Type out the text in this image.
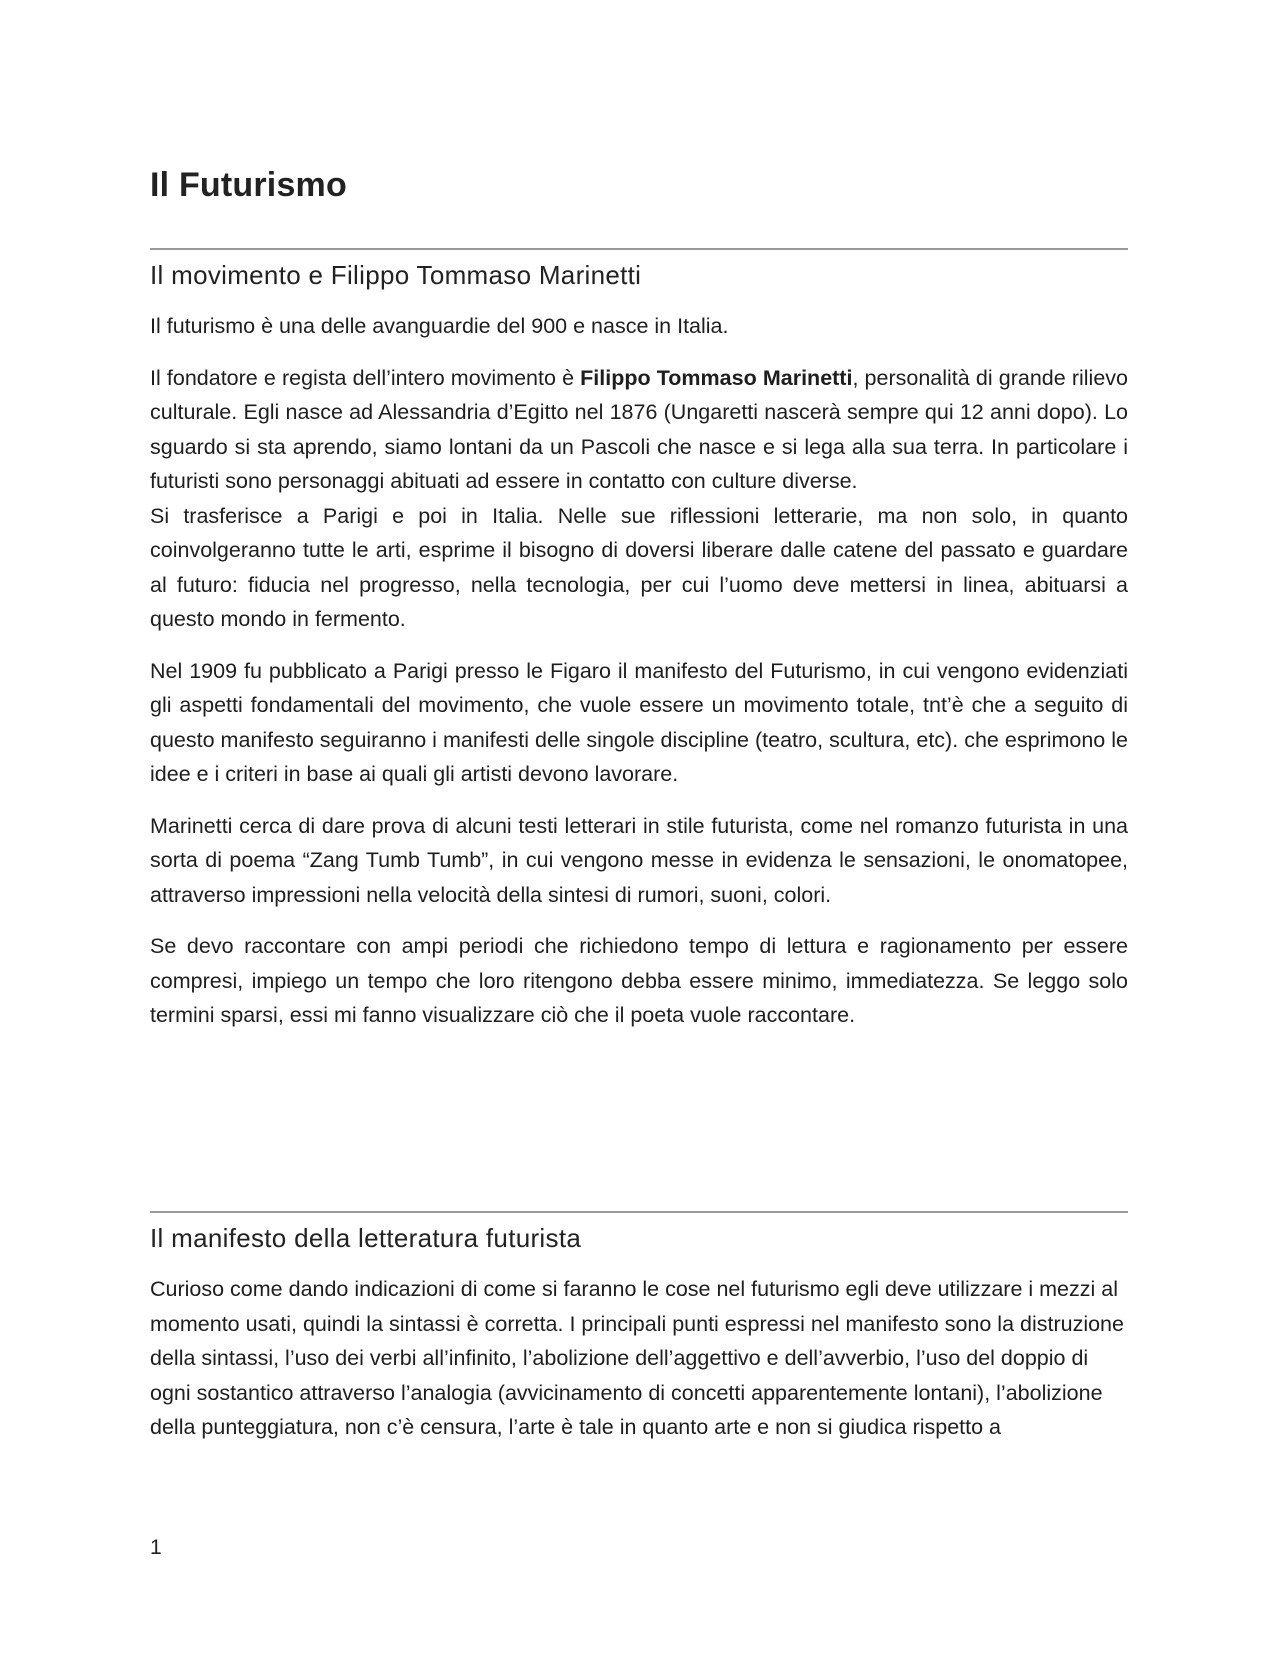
Il Futurismo
Il movimento e Filippo Tommaso Marinetti

Il futurismo è una delle avanguardie del 900 e nasce in Italia.

Il fondatore e regista dell’intero movimento è Filippo Tommaso Marinetti, personalità di grande rilievo culturale. Egli nasce ad Alessandria d’Egitto nel 1876 (Ungaretti nascerà sempre qui 12 anni dopo). Lo sguardo si sta aprendo, siamo lontani da un Pascoli che nasce e si lega alla sua terra. In particolare i futuristi sono personaggi abituati ad essere in contatto con culture diverse.

Si trasferisce a Parigi e poi in Italia. Nelle sue riflessioni letterarie, ma non solo, in quanto coinvolgeranno tutte le arti, esprime il bisogno di doversi liberare dalle catene del passato e guardare al futuro: fiducia nel progresso, nella tecnologia, per cui l’uomo deve mettersi in linea, abituarsi a questo mondo in fermento.

Nel 1909 fu pubblicato a Parigi presso le Figaro il manifesto del Futurismo, in cui vengono evidenziati gli aspetti fondamentali del movimento, che vuole essere un movimento totale, tnt’è che a seguito di questo manifesto seguiranno i manifesti delle singole discipline (teatro, scultura, etc). che esprimono le idee e i criteri in base ai quali gli artisti devono lavorare.

Marinetti cerca di dare prova di alcuni testi letterari in stile futurista, come nel romanzo futurista in una sorta di poema “Zang Tumb Tumb”, in cui vengono messe in evidenza le sensazioni, le onomatopee, attraverso impressioni nella velocità della sintesi di rumori, suoni, colori.

Se devo raccontare con ampi periodi che richiedono tempo di lettura e ragionamento per essere compresi, impiego un tempo che loro ritengono debba essere minimo, immediatezza. Se leggo solo termini sparsi, essi mi fanno visualizzare ciò che il poeta vuole raccontare.

Il manifesto della letteratura futurista

Curioso come dando indicazioni di come si faranno le cose nel futurismo egli deve utilizzare i mezzi al momento usati, quindi la sintassi è corretta. I principali punti espressi nel manifesto sono la distruzione della sintassi, l’uso dei verbi all’infinito, l’abolizione dell’aggettivo e dell’avverbio, l’uso del doppio di ogni sostantico attraverso l’analogia (avvicinamento di concetti apparentemente lontani), l’abolizione della punteggiatura, non c’è censura, l’arte è tale in quanto arte e non si giudica rispetto a

1
